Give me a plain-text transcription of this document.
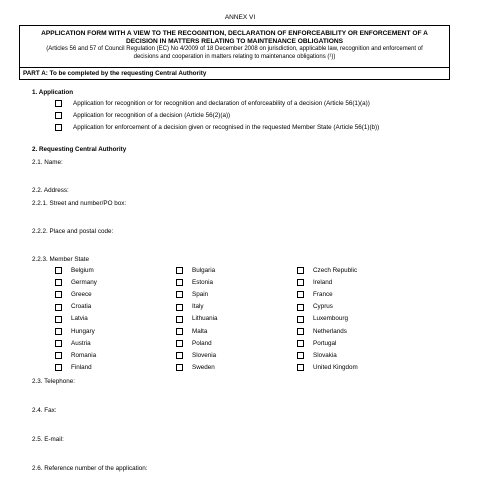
ANNEX VI
APPLICATION FORM WITH A VIEW TO THE RECOGNITION, DECLARATION OF ENFORCEABILITY OR ENFORCEMENT OF A
DECISION IN MATTERS RELATING TO MAINTENANCE OBLIGATIONS
(Articles 56 and 57 of Council Regulation (EC) No 4/2009 of 18 December 2008 on jurisdiction, applicable law, recognition and enforcement of
decisions and cooperation in matters relating to maintenance obligations (¹))
PART A: To be completed by the requesting Central Authority
1. Application
Application for recognition or for recognition and declaration of enforceability of a decision (Article 56(1)(a))
Application for recognition of a decision (Article 56(2)(a))
Application for enforcement of a decision given or recognised in the requested Member State (Article 56(1)(b))
2. Requesting Central Authority
2.1. Name:
2.2. Address:
2.2.1. Street and number/PO box:
2.2.2. Place and postal code:
2.2.3. Member State
Belgium
Germany
Greece
Croatia
Latvia
Hungary
Austria
Romania
Finland
Bulgaria
Estonia
Spain
Italy
Lithuania
Malta
Poland
Slovenia
Sweden
Czech Republic
Ireland
France
Cyprus
Luxembourg
Netherlands
Portugal
Slovakia
United Kingdom
2.3. Telephone:
2.4. Fax:
2.5. E-mail:
2.6. Reference number of the application:
